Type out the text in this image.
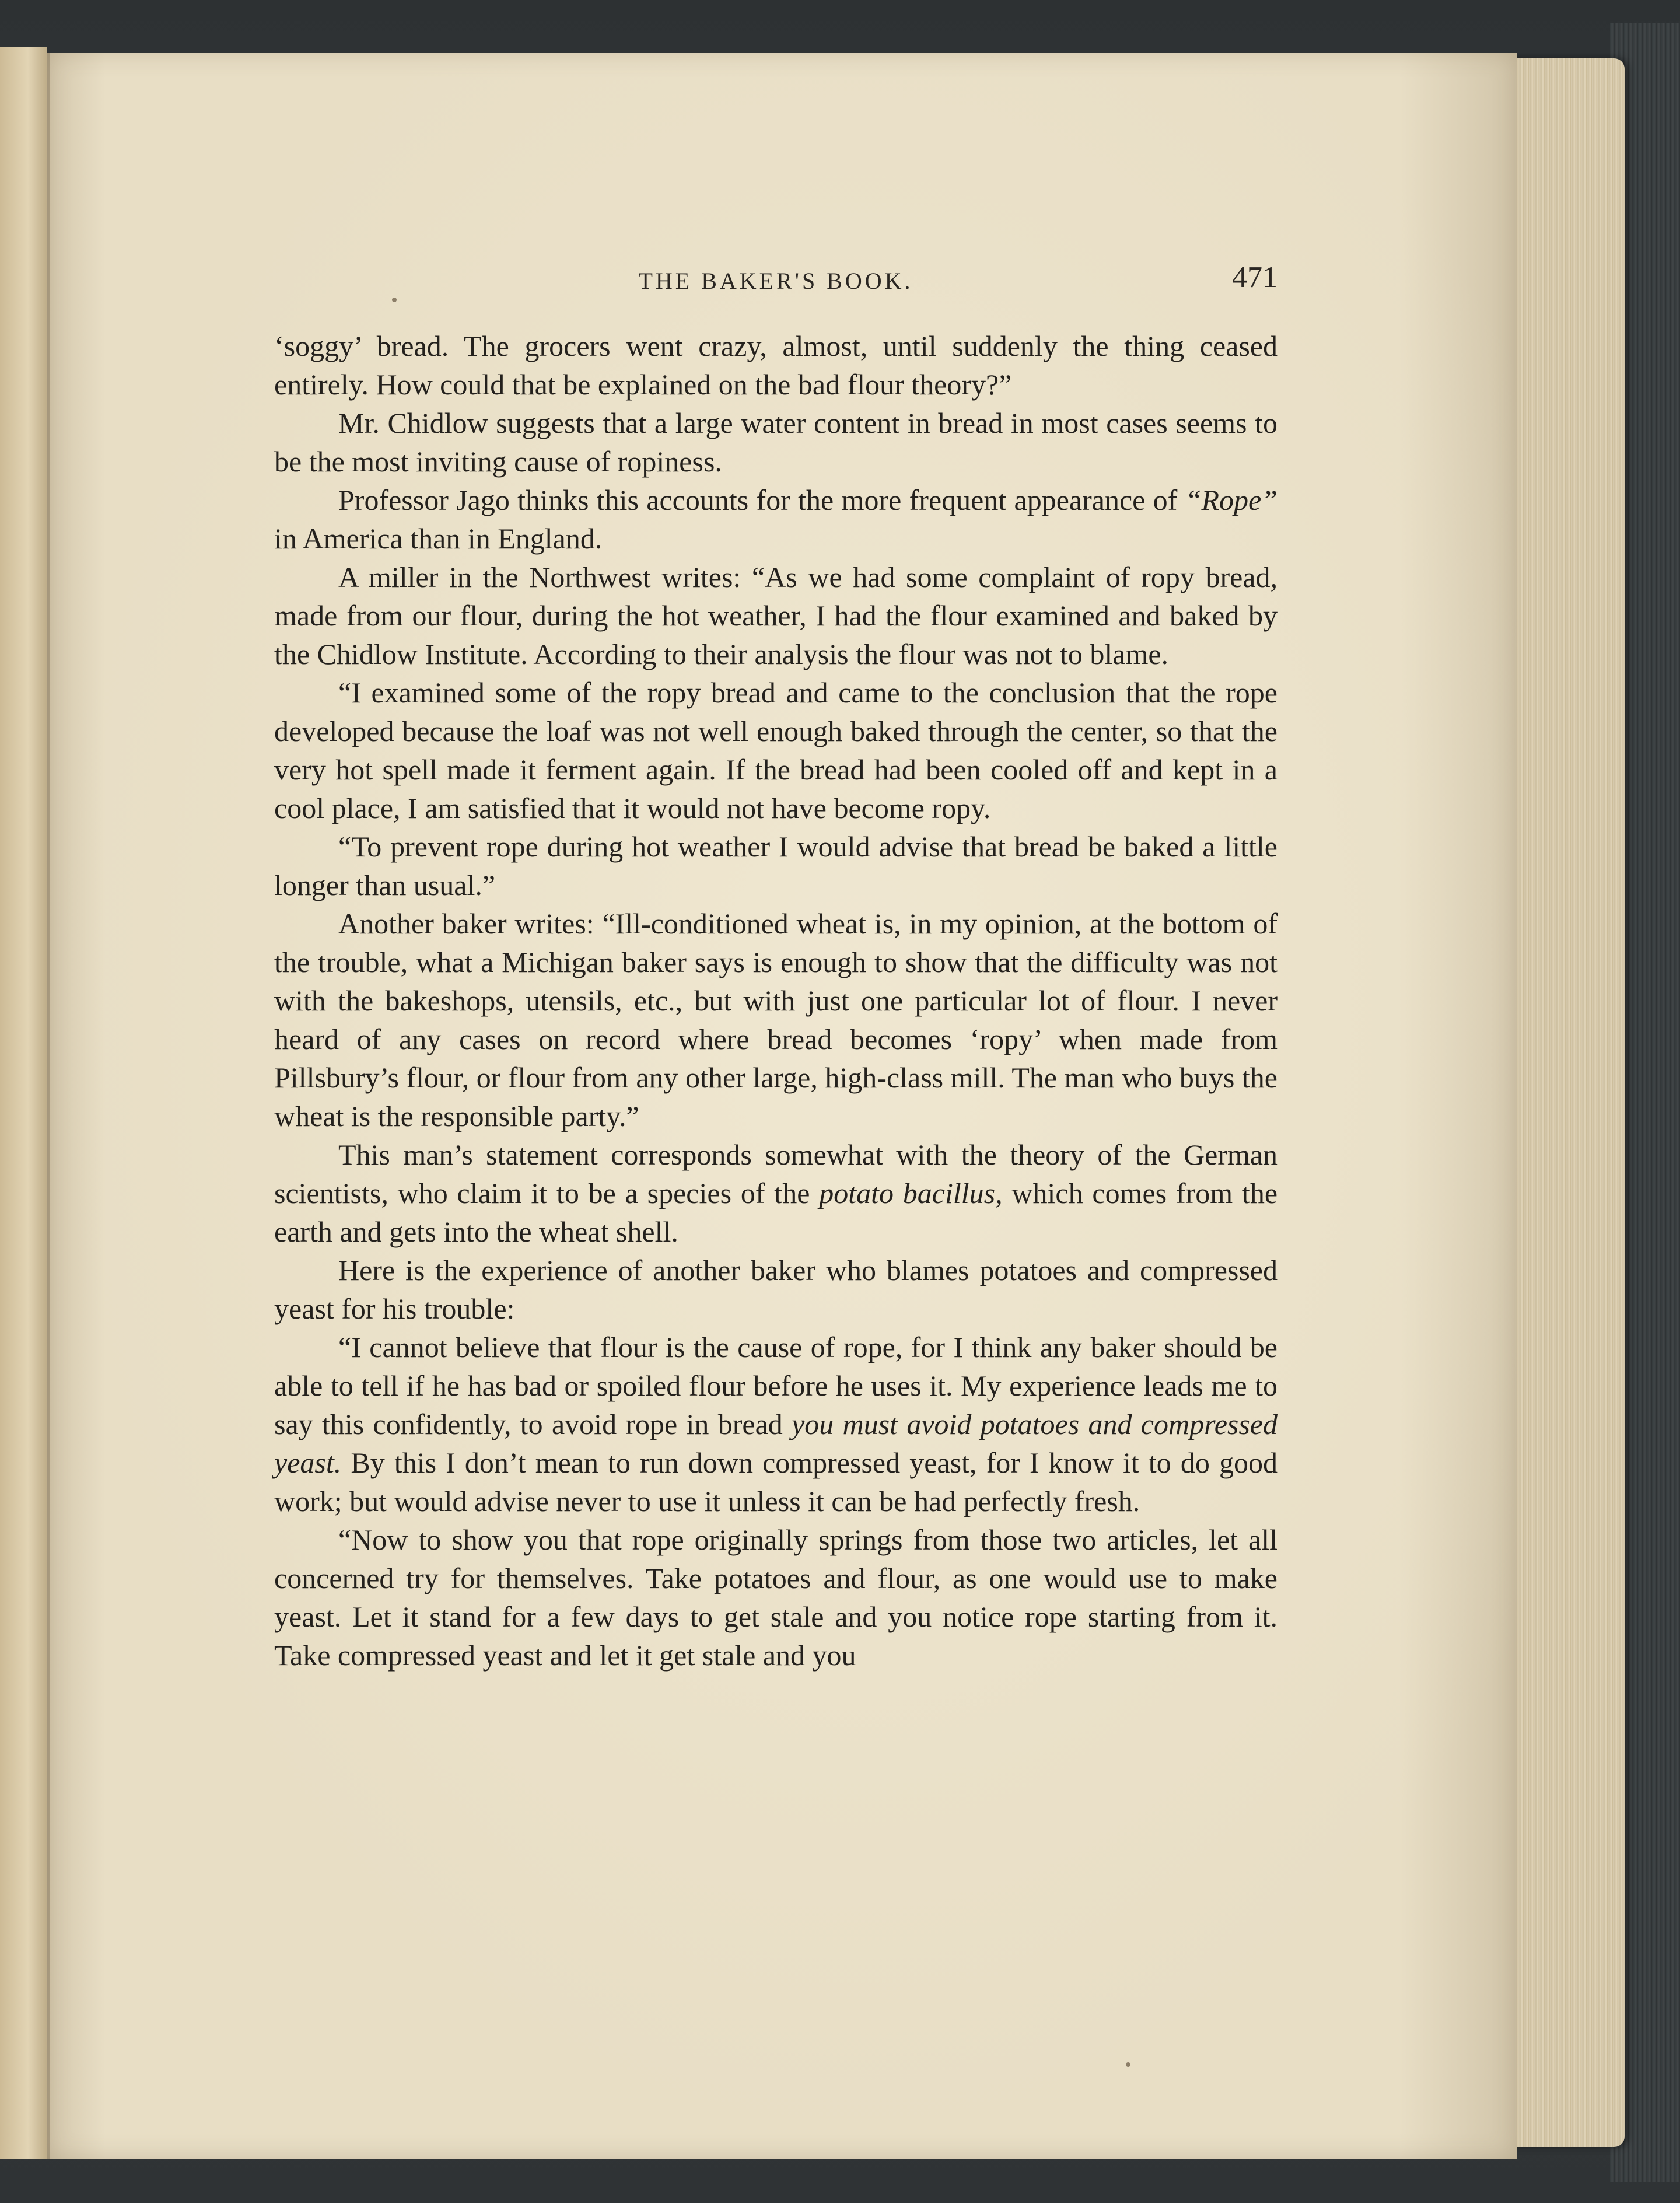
THE BAKER'S BOOK.	471

‘soggy’ bread. The grocers went crazy, almost, until suddenly the thing ceased entirely. How could that be explained on the bad flour theory?”

Mr. Chidlow suggests that a large water content in bread in most cases seems to be the most inviting cause of ropiness.

Professor Jago thinks this accounts for the more frequent appearance of “Rope” in America than in England.

A miller in the Northwest writes: “As we had some complaint of ropy bread, made from our flour, during the hot weather, I had the flour examined and baked by the Chidlow Institute. According to their analysis the flour was not to blame.

“I examined some of the ropy bread and came to the conclusion that the rope developed because the loaf was not well enough baked through the center, so that the very hot spell made it ferment again. If the bread had been cooled off and kept in a cool place, I am satisfied that it would not have become ropy.

“To prevent rope during hot weather I would advise that bread be baked a little longer than usual.”

Another baker writes: “Ill-conditioned wheat is, in my opinion, at the bottom of the trouble, what a Michigan baker says is enough to show that the difficulty was not with the bakeshops, utensils, etc., but with just one particular lot of flour. I never heard of any cases on record where bread becomes ‘ropy’ when made from Pillsbury’s flour, or flour from any other large, high-class mill. The man who buys the wheat is the responsible party.”

This man’s statement corresponds somewhat with the theory of the German scientists, who claim it to be a species of the potato bacillus, which comes from the earth and gets into the wheat shell.

Here is the experience of another baker who blames potatoes and compressed yeast for his trouble:

“I cannot believe that flour is the cause of rope, for I think any baker should be able to tell if he has bad or spoiled flour before he uses it. My experience leads me to say this confidently, to avoid rope in bread you must avoid potatoes and compressed yeast. By this I don’t mean to run down compressed yeast, for I know it to do good work; but would advise never to use it unless it can be had perfectly fresh.

“Now to show you that rope originally springs from those two articles, let all concerned try for themselves. Take potatoes and flour, as one would use to make yeast. Let it stand for a few days to get stale and you notice rope starting from it. Take compressed yeast and let it get stale and you
